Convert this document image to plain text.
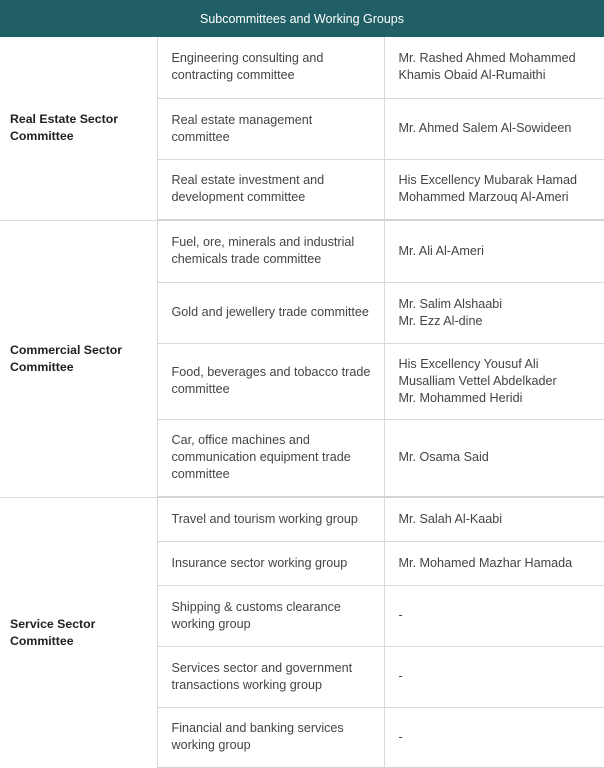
Subcommittees and Working Groups
Real Estate Sector Committee	Engineering consulting and
contracting committee	Mr. Rashed Ahmed Mohammed
Khamis Obaid Al-Rumaithi

	Real estate management
committee	Mr. Ahmed Salem Al-Sowideen

	Real estate investment and
development committee	His Excellency Mubarak Hamad
Mohammed Marzouq Al-Ameri

Commercial Sector Committee	Fuel, ore, minerals and industrial
chemicals trade committee	Mr. Ali Al-Ameri

	Gold and jewellery trade committee	Mr. Salim Alshaabi
Mr. Ezz Al-dine

	Food, beverages and tobacco trade
committee	His Excellency Yousuf Ali
Musalliam Vettel Abdelkader
Mr. Mohammed Heridi

	Car, office machines and
communication equipment trade
committee	Mr. Osama Said

Service Sector Committee	Travel and tourism working group	Mr. Salah Al-Kaabi

	Insurance sector working group	Mr. Mohamed Mazhar Hamada

	Shipping & customs clearance
working group	-

	Services sector and government
transactions working group	-

	Financial and banking services
working group	-
